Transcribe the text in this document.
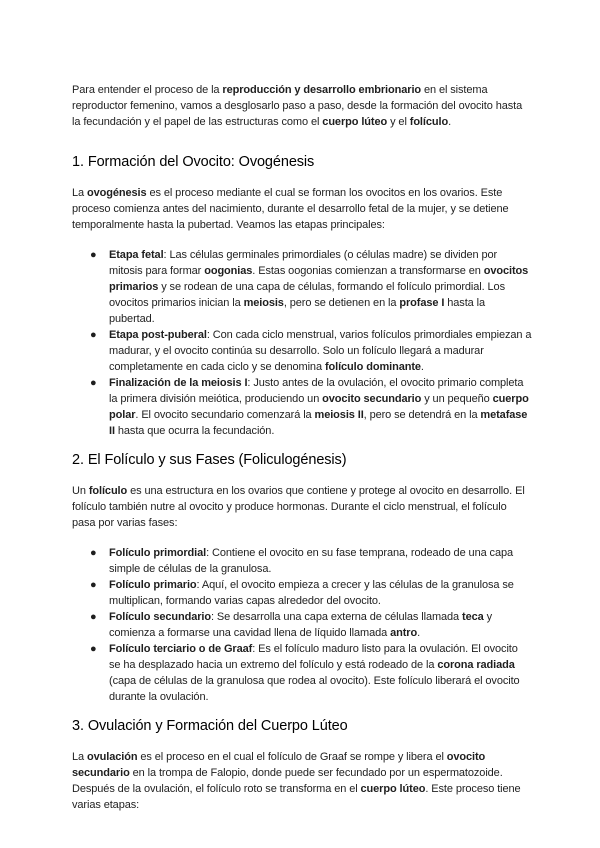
Para entender el proceso de la reproducción y desarrollo embrionario en el sistema reproductor femenino, vamos a desglosarlo paso a paso, desde la formación del ovocito hasta la fecundación y el papel de las estructuras como el cuerpo lúteo y el folículo.

1. Formación del Ovocito: Ovogénesis

La ovogénesis es el proceso mediante el cual se forman los ovocitos en los ovarios. Este proceso comienza antes del nacimiento, durante el desarrollo fetal de la mujer, y se detiene temporalmente hasta la pubertad. Veamos las etapas principales:

● Etapa fetal: Las células germinales primordiales (o células madre) se dividen por mitosis para formar oogonias. Estas oogonias comienzan a transformarse en ovocitos primarios y se rodean de una capa de células, formando el folículo primordial. Los ovocitos primarios inician la meiosis, pero se detienen en la profase I hasta la pubertad.
● Etapa post-puberal: Con cada ciclo menstrual, varios folículos primordiales empiezan a madurar, y el ovocito continúa su desarrollo. Solo un folículo llegará a madurar completamente en cada ciclo y se denomina folículo dominante.
● Finalización de la meiosis I: Justo antes de la ovulación, el ovocito primario completa la primera división meiótica, produciendo un ovocito secundario y un pequeño cuerpo polar. El ovocito secundario comenzará la meiosis II, pero se detendrá en la metafase II hasta que ocurra la fecundación.
2. El Folículo y sus Fases (Foliculogénesis)

Un folículo es una estructura en los ovarios que contiene y protege al ovocito en desarrollo. El folículo también nutre al ovocito y produce hormonas. Durante el ciclo menstrual, el folículo pasa por varias fases:

● Folículo primordial: Contiene el ovocito en su fase temprana, rodeado de una capa simple de células de la granulosa.
● Folículo primario: Aquí, el ovocito empieza a crecer y las células de la granulosa se multiplican, formando varias capas alrededor del ovocito.
● Folículo secundario: Se desarrolla una capa externa de células llamada teca y comienza a formarse una cavidad llena de líquido llamada antro.
● Folículo terciario o de Graaf: Es el folículo maduro listo para la ovulación. El ovocito se ha desplazado hacia un extremo del folículo y está rodeado de la corona radiada (capa de células de la granulosa que rodea al ovocito). Este folículo liberará el ovocito durante la ovulación.
3. Ovulación y Formación del Cuerpo Lúteo

La ovulación es el proceso en el cual el folículo de Graaf se rompe y libera el ovocito secundario en la trompa de Falopio, donde puede ser fecundado por un espermatozoide. Después de la ovulación, el folículo roto se transforma en el cuerpo lúteo. Este proceso tiene varias etapas:
